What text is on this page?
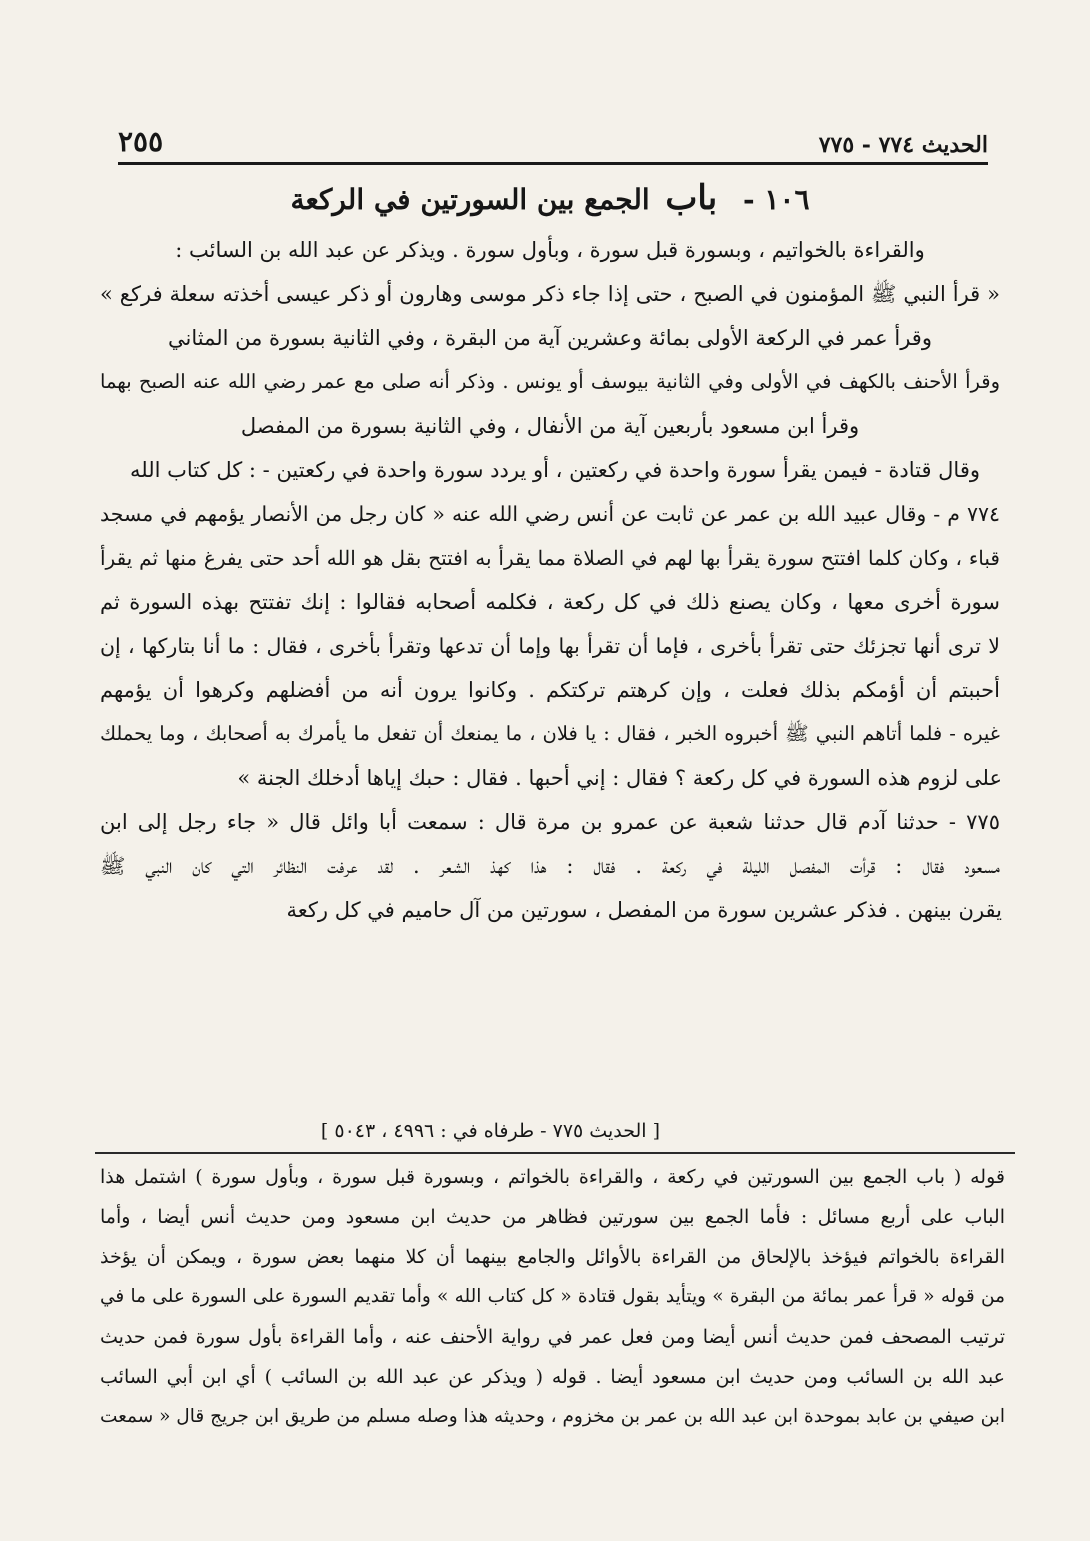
٢٥٥	الحديث ٧٧٤ - ٧٧٥
١٠٦ - باب الجمع بين السورتين في الركعة
والقراءة بالخواتيم ، وبسورة قبل سورة ، وبأول سورة . ويذكر عن عبد الله بن السائب :
« قرأ النبي ﷺ المؤمنون في الصبح ، حتى إذا جاء ذكر موسى وهارون أو ذكر عيسى أخذته سعلة فركع »
وقرأ عمر في الركعة الأولى بمائة وعشرين آية من البقرة ، وفي الثانية بسورة من المثاني
وقرأ الأحنف بالكهف في الأولى وفي الثانية بيوسف أو يونس . وذكر أنه صلى مع عمر رضي الله عنه الصبح بهما
وقرأ ابن مسعود بأربعين آية من الأنفال ، وفي الثانية بسورة من المفصل
وقال قتادة - فيمن يقرأ سورة واحدة في ركعتين ، أو يردد سورة واحدة في ركعتين - : كل كتاب الله
٧٧٤ م - وقال عبيد الله بن عمر عن ثابت عن أنس رضي الله عنه « كان رجل من الأنصار يؤمهم في مسجد
قباء ، وكان كلما افتتح سورة يقرأ بها لهم في الصلاة مما يقرأ به افتتح بقل هو الله أحد حتى يفرغ منها ثم يقرأ
سورة أخرى معها ، وكان يصنع ذلك في كل ركعة ، فكلمه أصحابه فقالوا : إنك تفتتح بهذه السورة ثم
لا ترى أنها تجزئك حتى تقرأ بأخرى ، فإما أن تقرأ بها وإما أن تدعها وتقرأ بأخرى ، فقال : ما أنا بتاركها ، إن
أحببتم أن أؤمكم بذلك فعلت ، وإن كرهتم تركتكم . وكانوا يرون أنه من أفضلهم وكرهوا أن يؤمهم
غيره - فلما أتاهم النبي ﷺ أخبروه الخبر ، فقال : يا فلان ، ما يمنعك أن تفعل ما يأمرك به أصحابك ، وما يحملك
على لزوم هذه السورة في كل ركعة ؟ فقال : إني أحبها . فقال : حبك إياها أدخلك الجنة »
٧٧٥ - حدثنا آدم قال حدثنا شعبة عن عمرو بن مرة قال : سمعت أبا وائل قال « جاء رجل إلى ابن
مسعود فقال : قرأت المفصل الليلة في ركعة . فقال : هذا كهذ الشعر . لقد عرفت النظائر التي كان النبي ﷺ
يقرن بينهن . فذكر عشرين سورة من المفصل ، سورتين من آل حاميم في كل ركعة
[ الحديث ٧٧٥ - طرفاه في : ٤٩٩٦ ، ٥٠٤٣ ]
قوله ( باب الجمع بين السورتين في ركعة ، والقراءة بالخواتم ، وبسورة قبل سورة ، وبأول سورة ) اشتمل هذا
الباب على أربع مسائل : فأما الجمع بين سورتين فظاهر من حديث ابن مسعود ومن حديث أنس أيضا ، وأما
القراءة بالخواتم فيؤخذ بالإلحاق من القراءة بالأوائل والجامع بينهما أن كلا منهما بعض سورة ، ويمكن أن يؤخذ
من قوله « قرأ عمر بمائة من البقرة » ويتأيد بقول قتادة « كل كتاب الله » وأما تقديم السورة على السورة على ما في
ترتيب المصحف فمن حديث أنس أيضا ومن فعل عمر في رواية الأحنف عنه ، وأما القراءة بأول سورة فمن حديث
عبد الله بن السائب ومن حديث ابن مسعود أيضا . قوله ( ويذكر عن عبد الله بن السائب ) أي ابن أبي السائب
ابن صيفي بن عابد بموحدة ابن عبد الله بن عمر بن مخزوم ، وحديثه هذا وصله مسلم من طريق ابن جريج قال « سمعت
